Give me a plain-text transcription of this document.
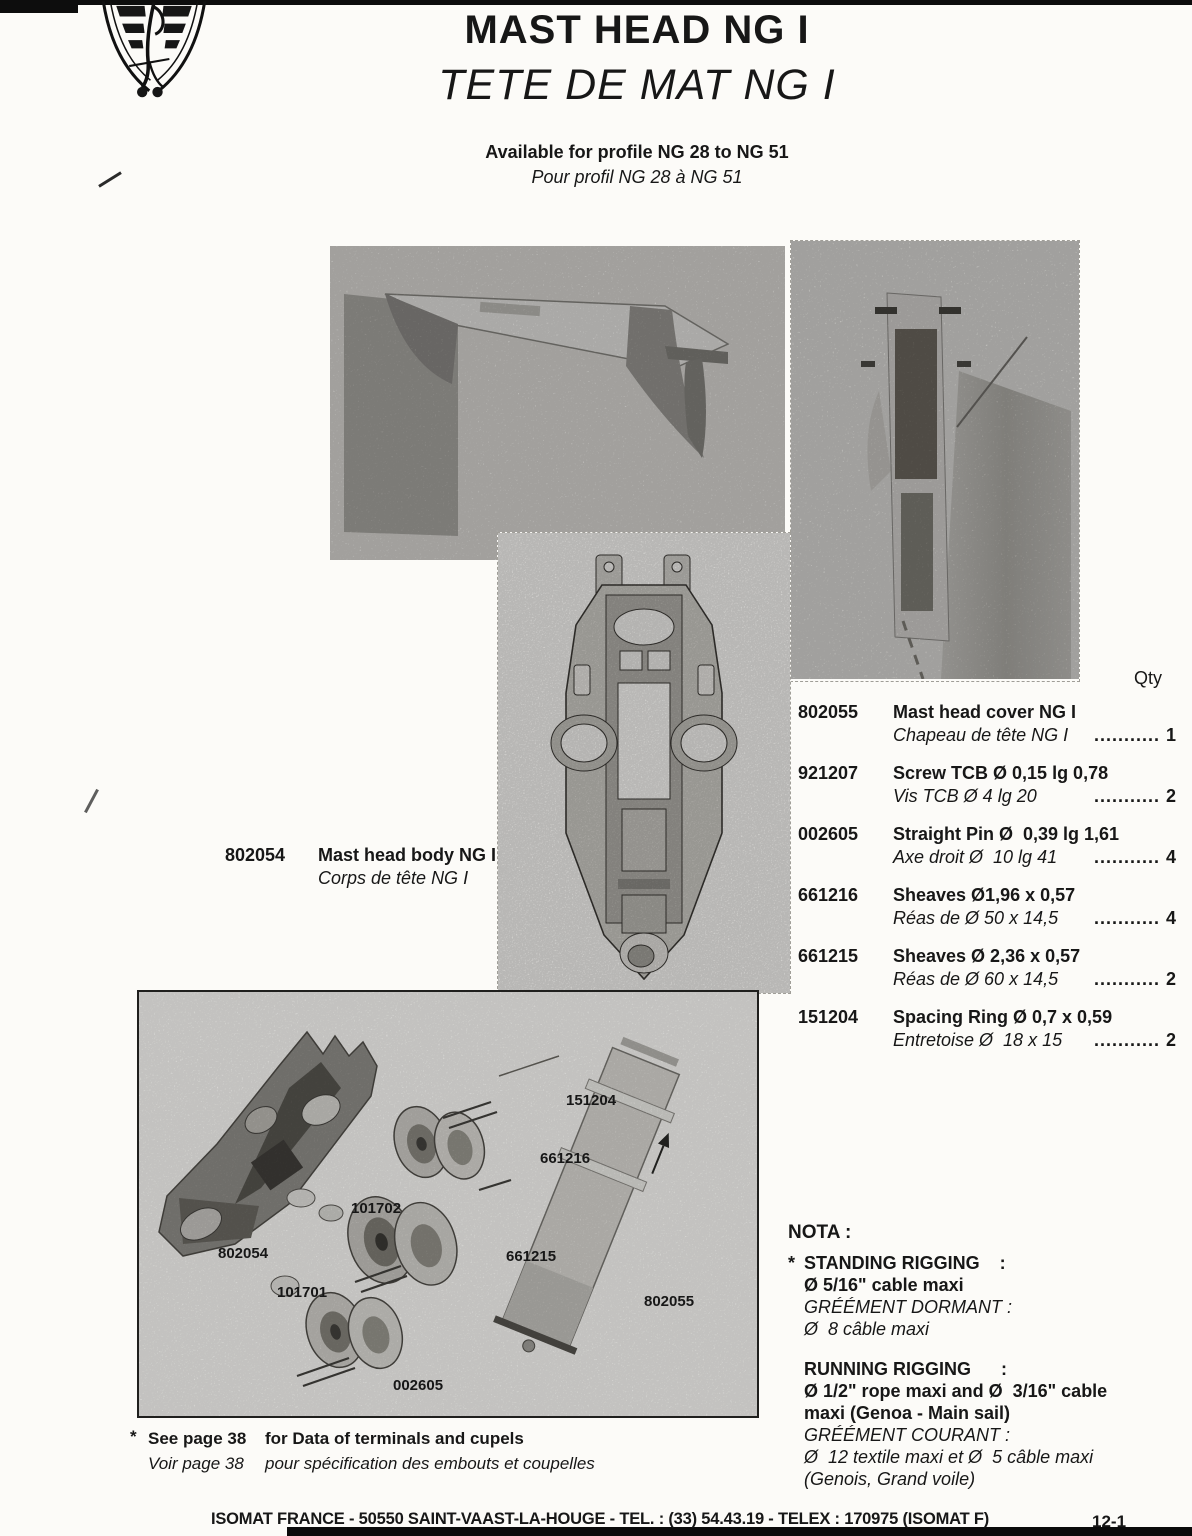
MAST HEAD NG I
TETE DE MAT NG I
Available for profile NG 28 to NG 51
Pour profil NG 28 à NG 51
802054 Mast head body NG I
Corps de tête NG I
Qty
802055 Mast head cover NG I
Chapeau de tête NG I	........... 1
921207 Screw TCB Ø 0,15 lg 0,78
Vis TCB Ø 4 lg 20	........... 2
002605 Straight Pin Ø  0,39 lg 1,61
Axe droit Ø  10 lg 41	........... 4
661216 Sheaves Ø1,96 x 0,57
Réas de Ø 50 x 14,5	........... 4
661215 Sheaves Ø 2,36 x 0,57
Réas de Ø 60 x 14,5	........... 2
151204 Spacing Ring Ø 0,7 x 0,59
Entretoise Ø  18 x 15	........... 2
151204
661216
101702
661215
802055
802054
101701
002605
NOTA :
* STANDING RIGGING    :
Ø 5/16" cable maxi
GRÉÉMENT DORMANT :
Ø  8 câble maxi
RUNNING RIGGING      :
Ø 1/2" rope maxi and Ø  3/16" cable
maxi (Genoa - Main sail)
GRÉÉMENT COURANT :
Ø  12 textile maxi et Ø  5 câble maxi
(Genois, Grand voile)
* See page 38 for Data of terminals and cupels
Voir page 38 pour spécification des embouts et coupelles
ISOMAT FRANCE - 50550 SAINT-VAAST-LA-HOUGE - TEL. : (33) 54.43.19 - TELEX : 170975 (ISOMAT F)	12-1
